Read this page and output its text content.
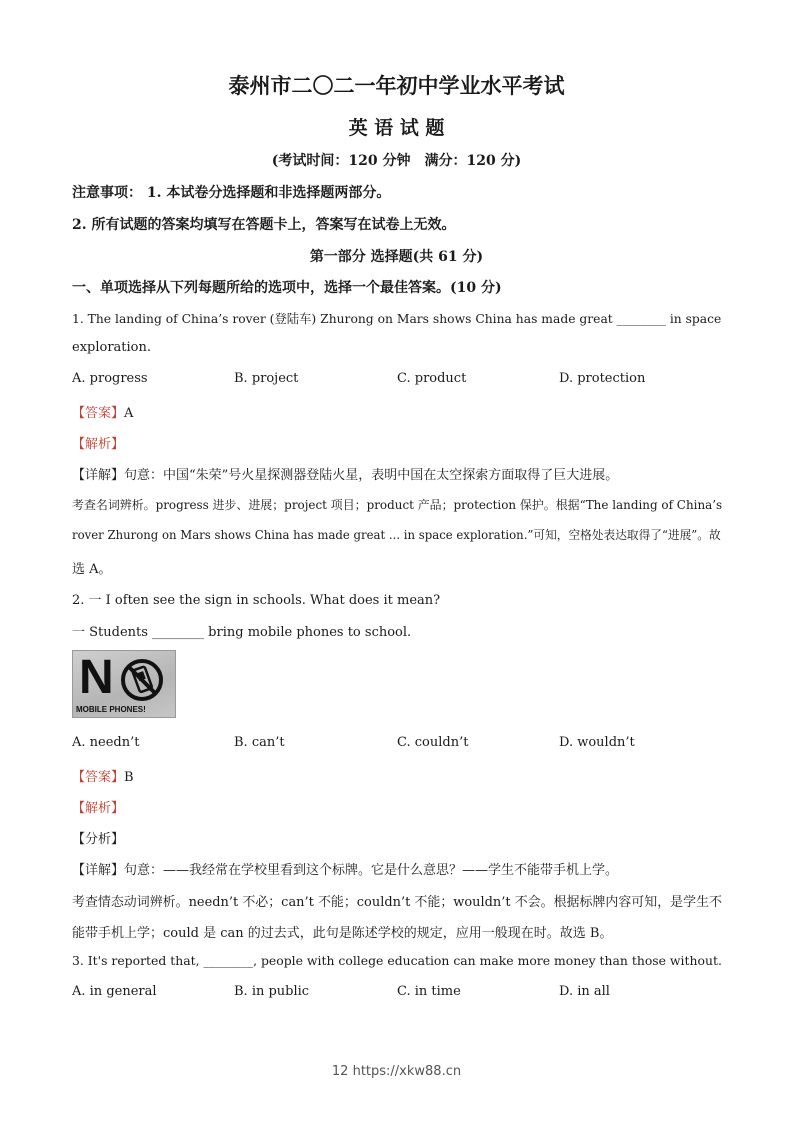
泰州市二〇二一年初中学业水平考试
英 语 试 题
(考试时间：120 分钟　满分：120 分)
注意事项： 1. 本试卷分选择题和非选择题两部分。
2. 所有试题的答案均填写在答题卡上，答案写在试卷上无效。
第一部分 选择题(共 61 分)
一、单项选择从下列每题所给的选项中，选择一个最佳答案。(10 分)
1. The landing of China’s rover (登陆车) Zhurong on Mars shows China has made great ________ in space
exploration.
A. progress	B. project	C. product	D. protection
【答案】A
【解析】
【详解】句意：中国“朱荣”号火星探测器登陆火星，表明中国在太空探索方面取得了巨大进展。
考查名词辨析。progress 进步、进展；project 项目；product 产品；protection 保护。根据“The landing of China’s
rover Zhurong on Mars shows China has made great ... in space exploration.”可知，空格处表达取得了“进展”。故
选 A。
2. 一 I often see the sign in schools. What does it mean?
一 Students ________ bring mobile phones to school.
N
MOBILE PHONES!
A. needn’t	B. can’t	C. couldn’t	D. wouldn’t
【答案】B
【解析】
【分析】
【详解】句意：——我经常在学校里看到这个标牌。它是什么意思？——学生不能带手机上学。
考查情态动词辨析。needn’t 不必；can’t 不能；couldn’t 不能；wouldn’t 不会。根据标牌内容可知，是学生不
能带手机上学；could 是 can 的过去式，此句是陈述学校的规定，应用一般现在时。故选 B。
3. It's reported that, ________, people with college education can make more money than those without.
A. in general	B. in public	C. in time	D. in all
12 https://xkw88.cn
